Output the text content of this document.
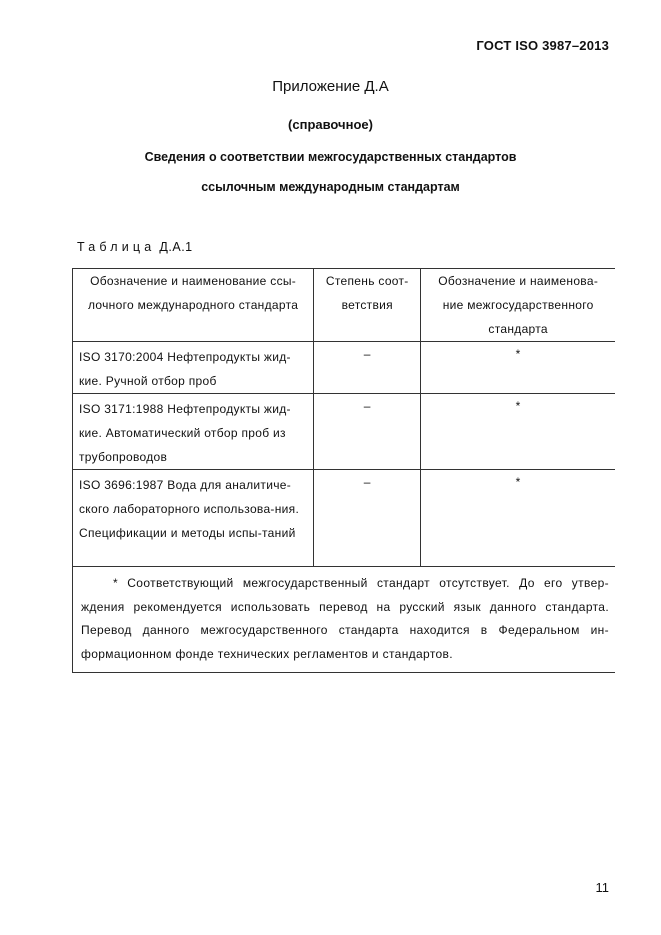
ГОСТ ISO 3987–2013
Приложение Д.А
(справочное)
Сведения о соответствии межгосударственных стандартов
ссылочным международным стандартам
Таблица Д.А.1
Обозначение и наименование ссы-лочного международного стандарта	Степень соот-ветствия	Обозначение и наименова-ние межгосударственного стандарта

ISO 3170:2004 Нефтепродукты жид-кие. Ручной отбор проб	–	*

ISO 3171:1988 Нефтепродукты жид-кие. Автоматический отбор проб из трубопроводов	–	*

ISO 3696:1987 Вода для аналитиче-ского лабораторного использова-ния. Спецификации и методы испы-таний	–	*

* Соответствующий межгосударственный стандарт отсутствует. До его утвер-ждения рекомендуется использовать перевод на русский язык данного стандарта. Перевод данного межгосударственного стандарта находится в Федеральном ин-формационном фонде технических регламентов и стандартов.		
11
